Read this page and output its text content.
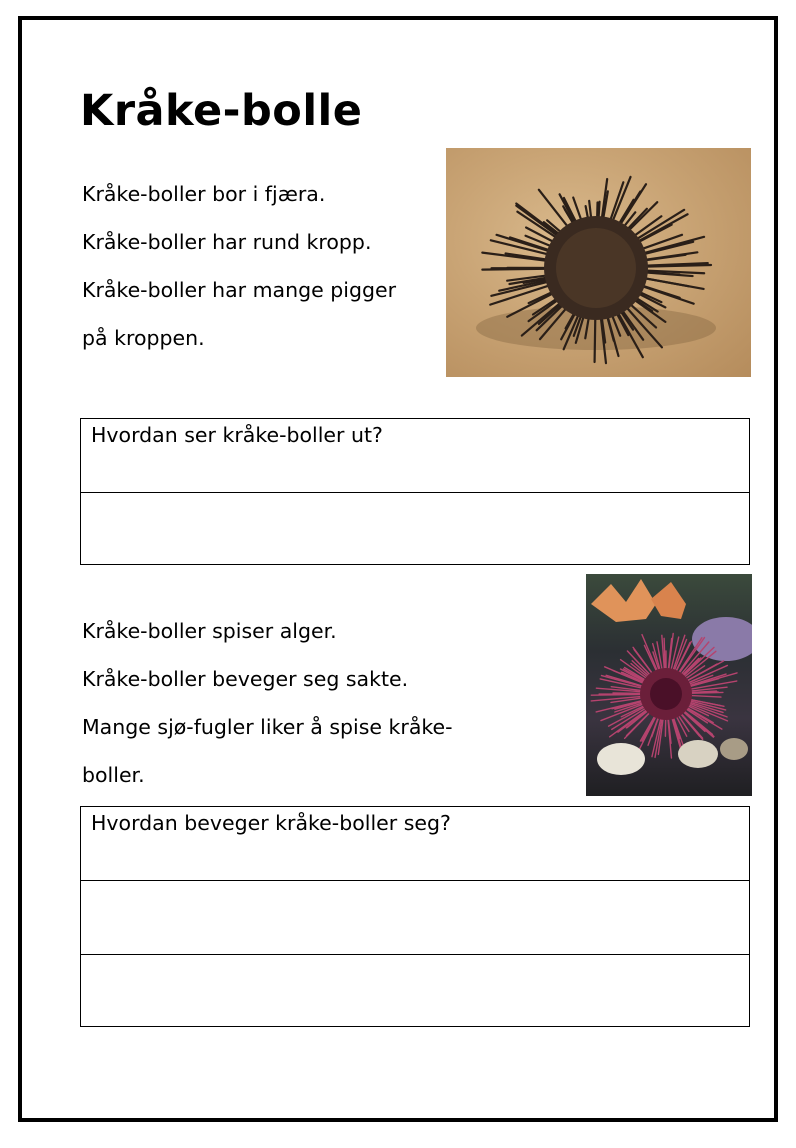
Kråke-bolle
Kråke-boller bor i fjæra.
Kråke-boller har rund kropp.
Kråke-boller har mange pigger
på kroppen.
Hvordan ser kråke-boller ut?
Kråke-boller spiser alger.
Kråke-boller beveger seg sakte.
Mange sjø-fugler liker å spise kråke-
boller.
Hvordan beveger kråke-boller seg?
